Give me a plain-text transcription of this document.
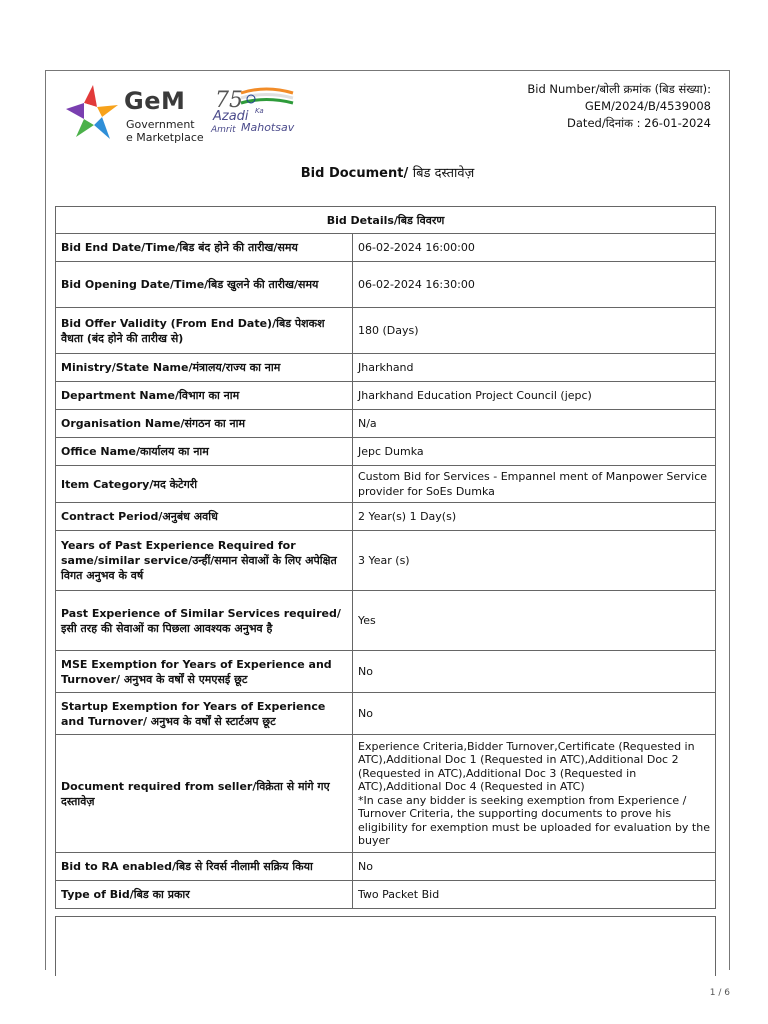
GeM
Government
e Marketplace
75
Azadi Ka
Amrit Mahotsav
Bid Number/बोली क्रमांक (बिड संख्या):
GEM/2024/B/4539008
Dated/दिनांक : 26-01-2024
Bid Document/ बिड दस्तावेज़
Bid Details/बिड विवरण	
Bid End Date/Time/बिड बंद होने की तारीख/समय	06-02-2024 16:00:00
Bid Opening Date/Time/बिड खुलने की तारीख/समय	06-02-2024 16:30:00
Bid Offer Validity (From End Date)/बिड पेशकश वैधता (बंद होने की तारीख से)	180 (Days)
Ministry/State Name/मंत्रालय/राज्य का नाम	Jharkhand
Department Name/विभाग का नाम	Jharkhand Education Project Council (jepc)
Organisation Name/संगठन का नाम	N/a
Office Name/कार्यालय का नाम	Jepc Dumka
Item Category/मद केटेगरी	Custom Bid for Services - Empannel ment of Manpower Service provider for SoEs Dumka
Contract Period/अनुबंध अवधि	2 Year(s) 1 Day(s)
Years of Past Experience Required for same/similar service/उन्हीं/समान सेवाओं के लिए अपेक्षित विगत अनुभव के वर्ष	3 Year (s)
Past Experience of Similar Services required/इसी तरह की सेवाओं का पिछला आवश्यक अनुभव है	Yes
MSE Exemption for Years of Experience and Turnover/ अनुभव के वर्षों से एमएसई छूट	No
Startup Exemption for Years of Experience and Turnover/ अनुभव के वर्षों से स्टार्टअप छूट	No
Document required from seller/विक्रेता से मांगे गए दस्तावेज़	Experience Criteria,Bidder Turnover,Certificate (Requested in ATC),Additional Doc 1 (Requested in ATC),Additional Doc 2 (Requested in ATC),Additional Doc 3 (Requested in ATC),Additional Doc 4 (Requested in ATC)
*In case any bidder is seeking exemption from Experience / Turnover Criteria, the supporting documents to prove his eligibility for exemption must be uploaded for evaluation by the buyer

Bid to RA enabled/बिड से रिवर्स नीलामी सक्रिय किया	No
Type of Bid/बिड का प्रकार	Two Packet Bid
1 / 6
